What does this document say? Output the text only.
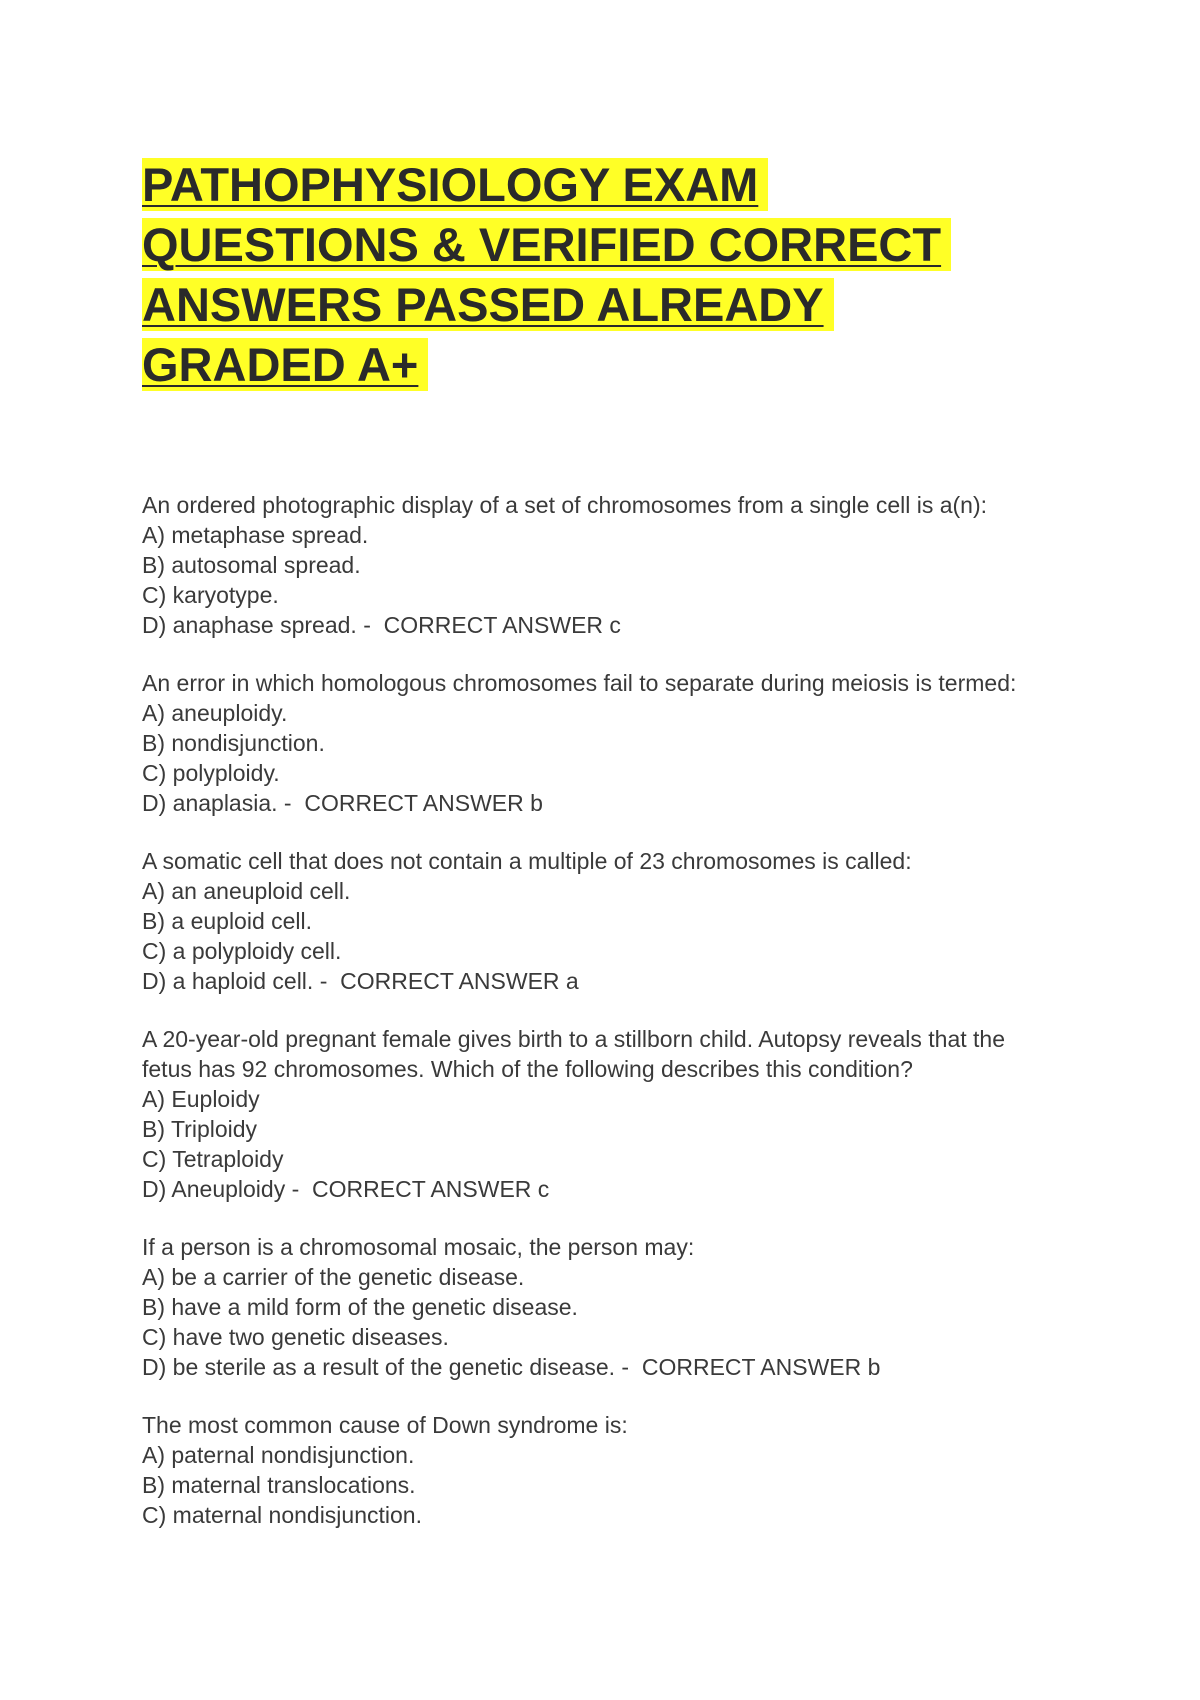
PATHOPHYSIOLOGY EXAM
QUESTIONS & VERIFIED CORRECT
ANSWERS PASSED ALREADY
GRADED A+
An ordered photographic display of a set of chromosomes from a single cell is a(n):
A) metaphase spread.
B) autosomal spread.
C) karyotype.
D) anaphase spread. -  CORRECT ANSWER c
An error in which homologous chromosomes fail to separate during meiosis is termed:
A) aneuploidy.
B) nondisjunction.
C) polyploidy.
D) anaplasia. -  CORRECT ANSWER b
A somatic cell that does not contain a multiple of 23 chromosomes is called:
A) an aneuploid cell.
B) a euploid cell.
C) a polyploidy cell.
D) a haploid cell. -  CORRECT ANSWER a
A 20-year-old pregnant female gives birth to a stillborn child. Autopsy reveals that the
fetus has 92 chromosomes. Which of the following describes this condition?
A) Euploidy
B) Triploidy
C) Tetraploidy
D) Aneuploidy -  CORRECT ANSWER c
If a person is a chromosomal mosaic, the person may:
A) be a carrier of the genetic disease.
B) have a mild form of the genetic disease.
C) have two genetic diseases.
D) be sterile as a result of the genetic disease. -  CORRECT ANSWER b
The most common cause of Down syndrome is:
A) paternal nondisjunction.
B) maternal translocations.
C) maternal nondisjunction.
